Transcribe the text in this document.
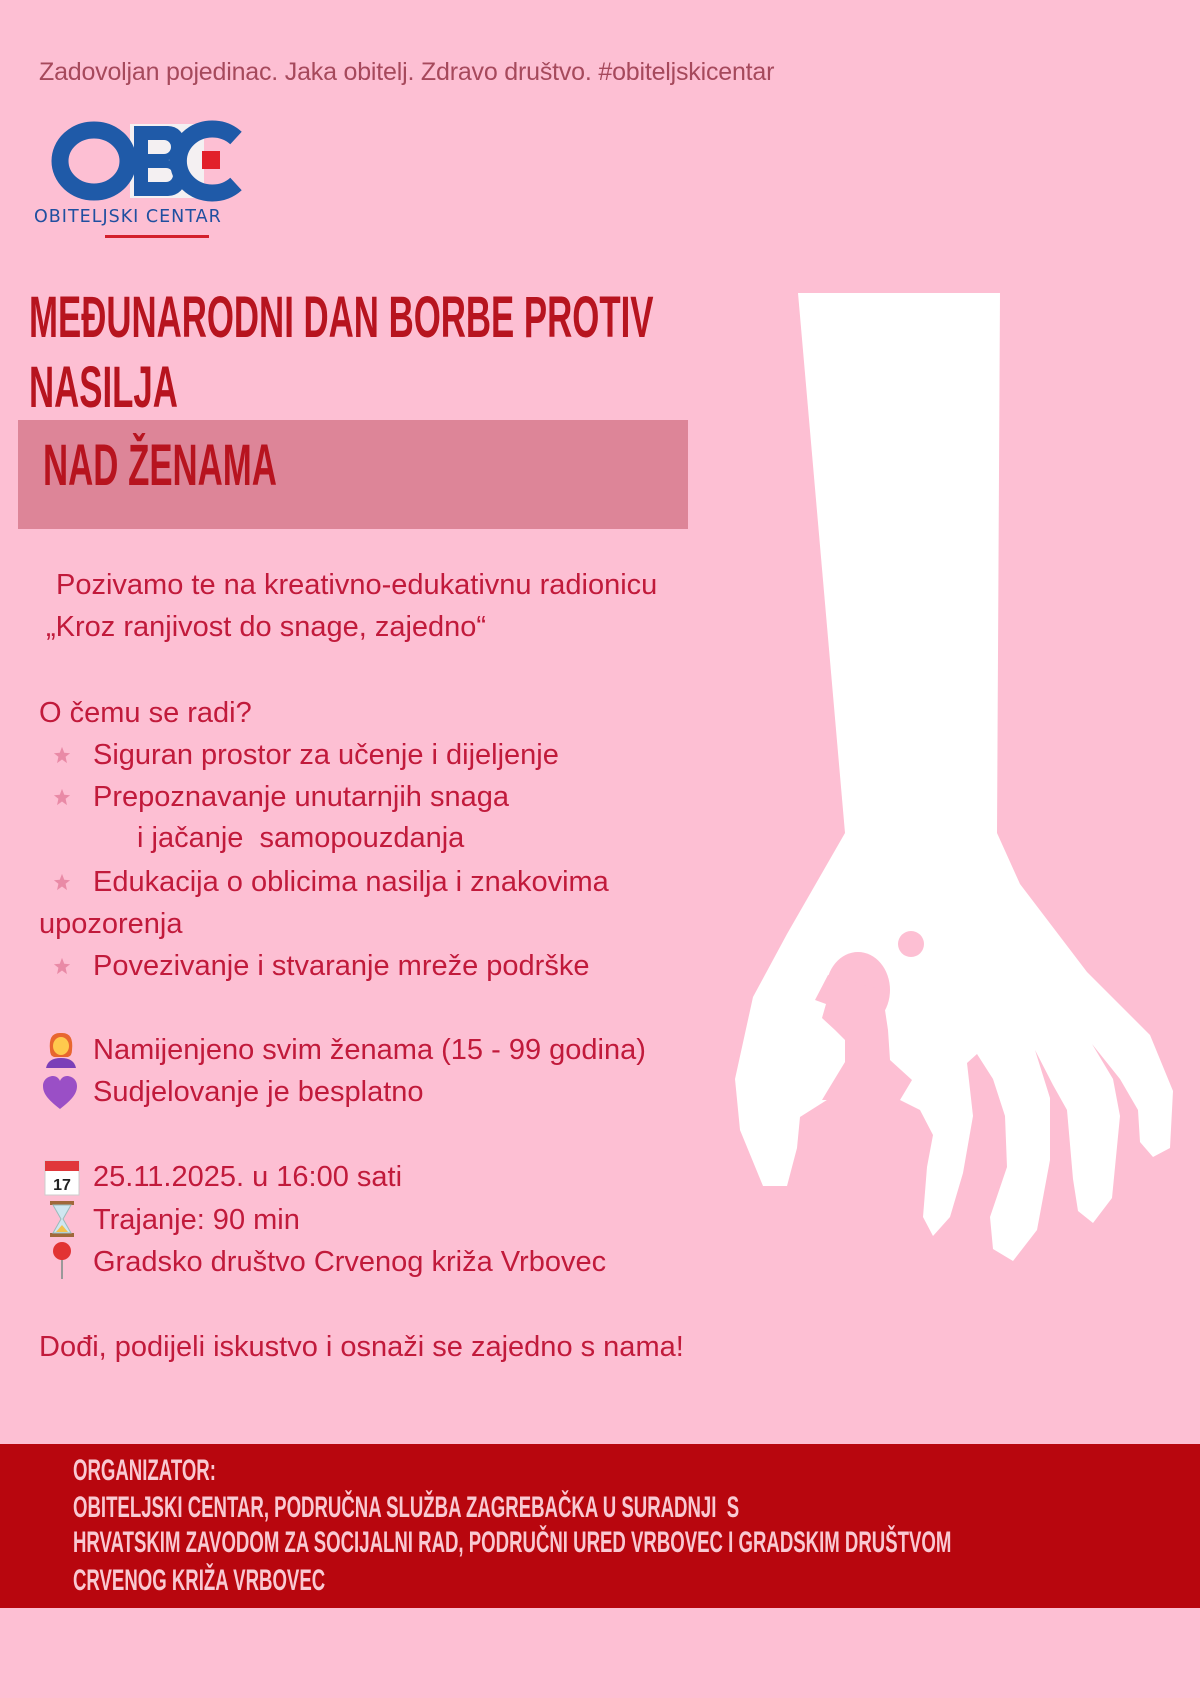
Zadovoljan pojedinac. Jaka obitelj. Zdravo društvo. #obiteljskicentar
OBITELJSKI CENTAR
MEĐUNARODNI DAN BORBE PROTIV
NASILJA
NAD ŽENAMA
Pozivamo te na kreativno-edukativnu radionicu
„Kroz ranjivost do snage, zajedno“
O čemu se radi?
Siguran prostor za učenje i dijeljenje
Prepoznavanje unutarnjih snaga
i jačanje  samopouzdanja
Edukacija o oblicima nasilja i znakovima
upozorenja
Povezivanje i stvaranje mreže podrške
Namijenjeno svim ženama (15 - 99 godina)
Sudjelovanje je besplatno
17 25.11.2025. u 16:00 sati
Trajanje: 90 min
Gradsko društvo Crvenog križa Vrbovec
Dođi, podijeli iskustvo i osnaži se zajedno s nama!
ORGANIZATOR:
OBITELJSKI CENTAR, PODRUČNA SLUŽBA ZAGREBAČKA U SURADNJI  S
HRVATSKIM ZAVODOM ZA SOCIJALNI RAD, PODRUČNI URED VRBOVEC I GRADSKIM DRUŠTVOM
CRVENOG KRIŽA VRBOVEC
